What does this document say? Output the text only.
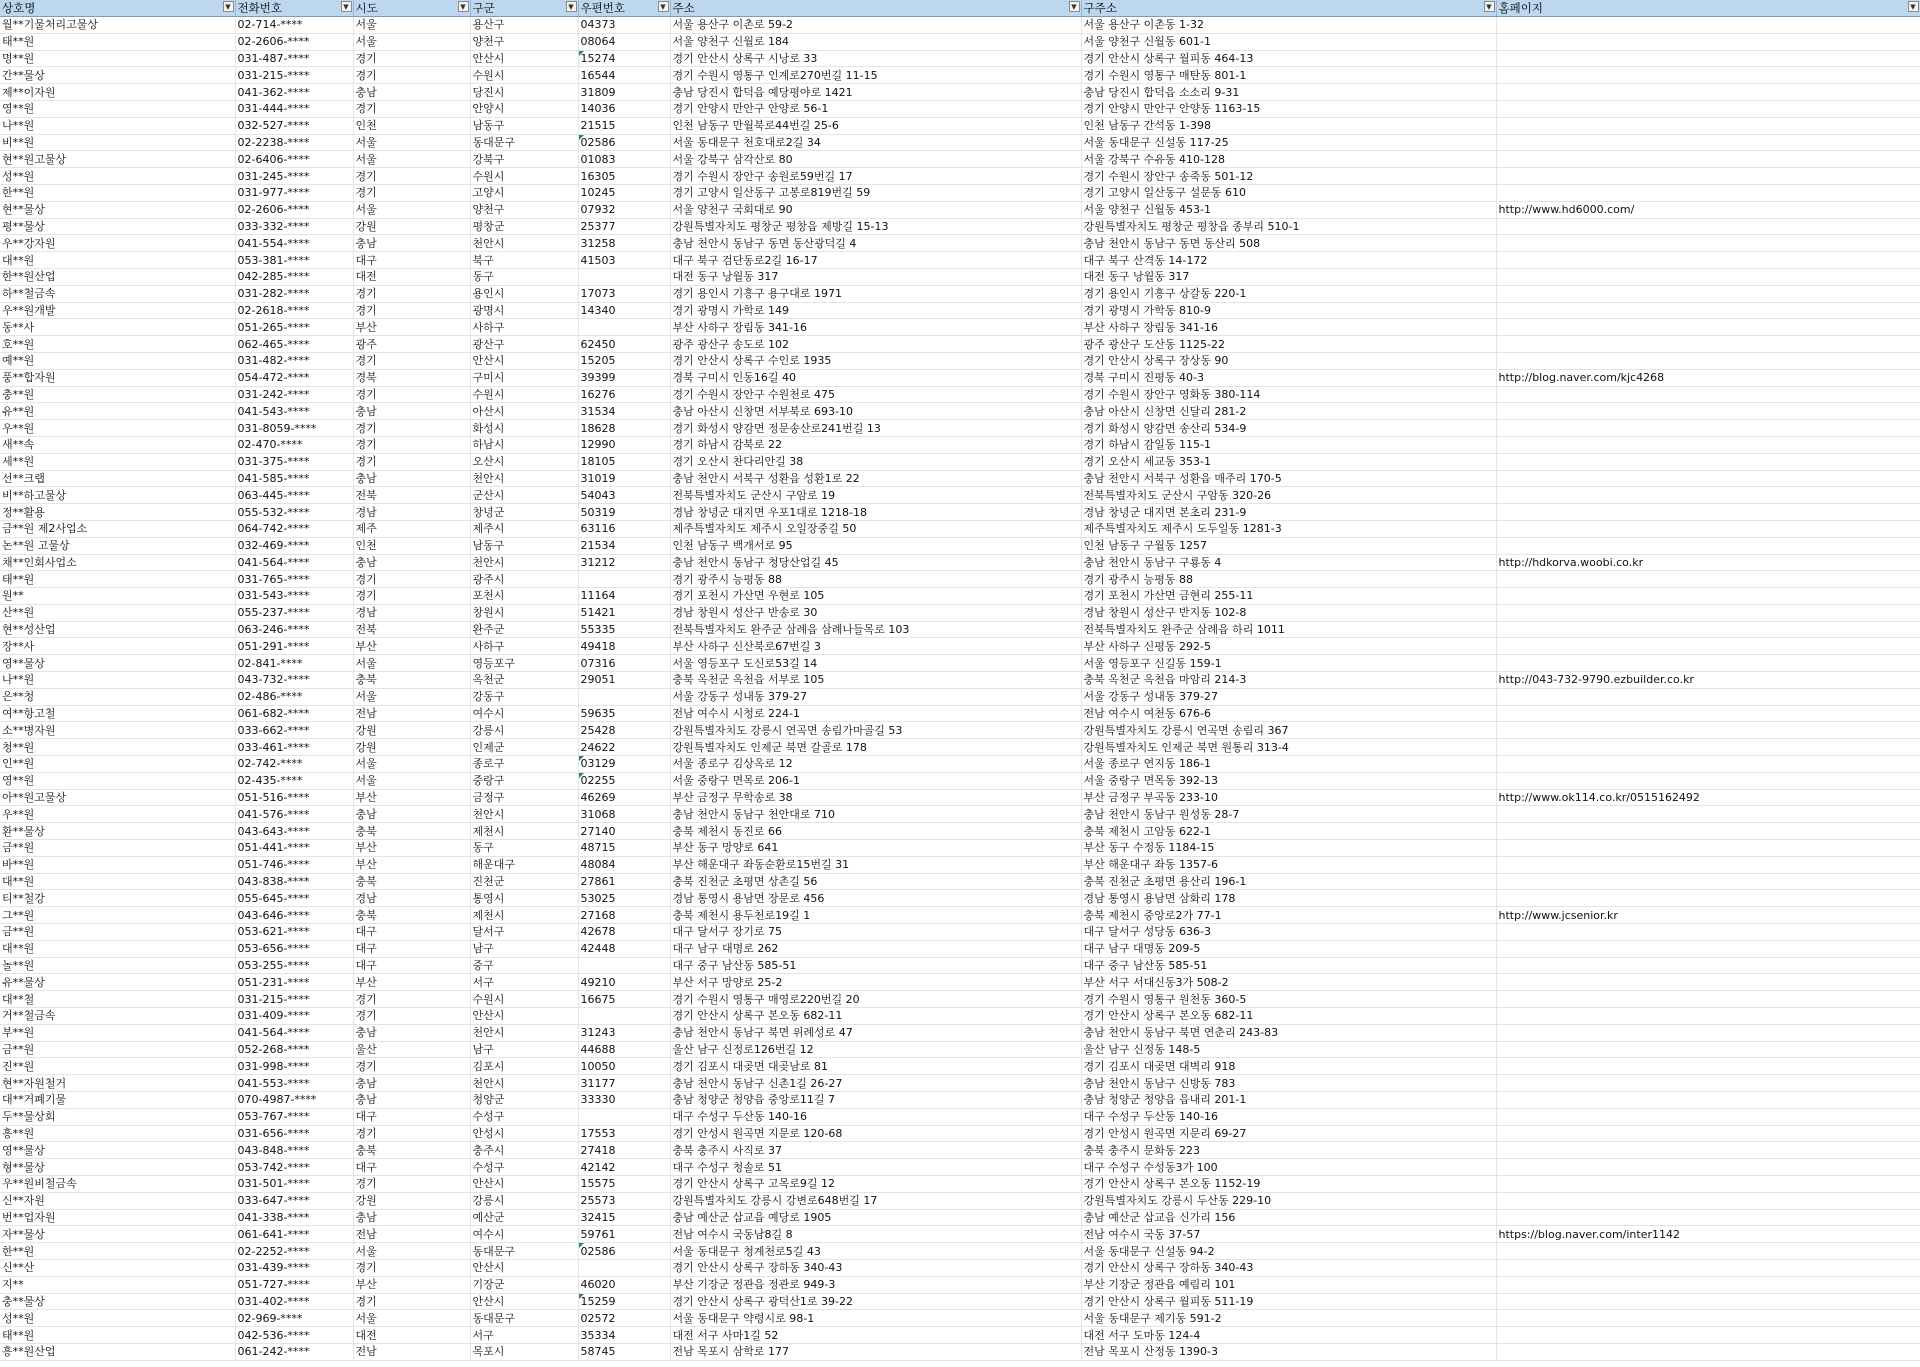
상호명 ▼	전화번호 ▼	시도 ▼	구군 ▼	우편번호 ▼	주소 ▼	구주소 ▼	홈페이지 ▼

월**기물처리고물상	02-714-****	서울	용산구	04373	서울 용산구 이촌로 59-2	서울 용산구 이촌동 1-32	
태**원	02-2606-****	서울	양천구	08064	서울 양천구 신월로 184	서울 양천구 신월동 601-1	
명**원	031-487-****	경기	안산시	15274	경기 안산시 상록구 시낭로 33	경기 안산시 상록구 월피동 464-13	
간**물상	031-215-****	경기	수원시	16544	경기 수원시 영통구 인계로270번길 11-15	경기 수원시 영통구 매탄동 801-1	
제**이자원	041-362-****	충남	당진시	31809	충남 당진시 합덕읍 예당평야로 1421	충남 당진시 합덕읍 소소리 9-31	
영**원	031-444-****	경기	안양시	14036	경기 안양시 만안구 안양로 56-1	경기 안양시 만안구 안양동 1163-15	
나**원	032-527-****	인천	남동구	21515	인천 남동구 만월북로44번길 25-6	인천 남동구 간석동 1-398	
비**원	02-2238-****	서울	동대문구	02586	서울 동대문구 천호대로2길 34	서울 동대문구 신설동 117-25	
현**원고물상	02-6406-****	서울	강북구	01083	서울 강북구 삼각산로 80	서울 강북구 수유동 410-128	
성**원	031-245-****	경기	수원시	16305	경기 수원시 장안구 송원로59번길 17	경기 수원시 장안구 송죽동 501-12	
한**원	031-977-****	경기	고양시	10245	경기 고양시 일산동구 고봉로819번길 59	경기 고양시 일산동구 설문동 610	
현**물상	02-2606-****	서울	양천구	07932	서울 양천구 국회대로 90	서울 양천구 신월동 453-1	http://www.hd6000.com/
평**물상	033-332-****	강원	평창군	25377	강원특별자치도 평창군 평창읍 제방길 15-13	강원특별자치도 평창군 평창읍 종부리 510-1	
우**강자원	041-554-****	충남	천안시	31258	충남 천안시 동남구 동면 동산광덕길 4	충남 천안시 동남구 동면 동산리 508	
대**원	053-381-****	대구	북구	41503	대구 북구 검단동로2길 16-17	대구 북구 산격동 14-172	
한**원산업	042-285-****	대전	동구		대전 동구 낭월동 317	대전 동구 낭월동 317	
하**철금속	031-282-****	경기	용인시	17073	경기 용인시 기흥구 용구대로 1971	경기 용인시 기흥구 상갈동 220-1	
우**원개발	02-2618-****	경기	광명시	14340	경기 광명시 가학로 149	경기 광명시 가학동 810-9	
동**사	051-265-****	부산	사하구		부산 사하구 장림동 341-16	부산 사하구 장림동 341-16	
호**원	062-465-****	광주	광산구	62450	광주 광산구 송도로 102	광주 광산구 도산동 1125-22	
예**원	031-482-****	경기	안산시	15205	경기 안산시 상록구 수인로 1935	경기 안산시 상록구 장상동 90	
풍**합자원	054-472-****	경북	구미시	39399	경북 구미시 인동16길 40	경북 구미시 진평동 40-3	http://blog.naver.com/kjc4268
충**원	031-242-****	경기	수원시	16276	경기 수원시 장안구 수원천로 475	경기 수원시 장안구 영화동 380-114	
유**원	041-543-****	충남	아산시	31534	충남 아산시 신창면 서부북로 693-10	충남 아산시 신창면 신달리 281-2	
우**원	031-8059-****	경기	화성시	18628	경기 화성시 양감면 정문송산로241번길 13	경기 화성시 양감면 송산리 534-9	
새**속	02-470-****	경기	하남시	12990	경기 하남시 감북로 22	경기 하남시 감일동 115-1	
세**원	031-375-****	경기	오산시	18105	경기 오산시 찬다리안길 38	경기 오산시 세교동 353-1	
선**크랩	041-585-****	충남	천안시	31019	충남 천안시 서북구 성환읍 성환1로 22	충남 천안시 서북구 성환읍 매주리 170-5	
비**하고물상	063-445-****	전북	군산시	54043	전북특별자치도 군산시 구암로 19	전북특별자치도 군산시 구암동 320-26	
정**활용	055-532-****	경남	창녕군	50319	경남 창녕군 대지면 우포1대로 1218-18	경남 창녕군 대지면 본초리 231-9	
금**원 제2사업소	064-742-****	제주	제주시	63116	제주특별자치도 제주시 오일장중길 50	제주특별자치도 제주시 도두일동 1281-3	
논**원 고물상	032-469-****	인천	남동구	21534	인천 남동구 백개서로 95	인천 남동구 구월동 1257	
채**인회사업소	041-564-****	충남	천안시	31212	충남 천안시 동남구 청당산업길 45	충남 천안시 동남구 구룡동 4	http://hdkorva.woobi.co.kr
태**원	031-765-****	경기	광주시		경기 광주시 능평동 88	경기 광주시 능평동 88	
원**	031-543-****	경기	포천시	11164	경기 포천시 가산면 우현로 105	경기 포천시 가산면 금현리 255-11	
산**원	055-237-****	경남	창원시	51421	경남 창원시 성산구 반송로 30	경남 창원시 성산구 반지동 102-8	
현**성산업	063-246-****	전북	완주군	55335	전북특별자치도 완주군 삼례읍 삼례나들목로 103	전북특별자치도 완주군 삼례읍 하리 1011	
장**사	051-291-****	부산	사하구	49418	부산 사하구 신산북로67번길 3	부산 사하구 신평동 292-5	
영**물상	02-841-****	서울	영등포구	07316	서울 영등포구 도신로53길 14	서울 영등포구 신길동 159-1	
나**원	043-732-****	충북	옥천군	29051	충북 옥천군 옥천읍 서부로 105	충북 옥천군 옥천읍 마암리 214-3	http://043-732-9790.ezbuilder.co.kr
은**청	02-486-****	서울	강동구		서울 강동구 성내동 379-27	서울 강동구 성내동 379-27	
여**항고철	061-682-****	전남	여수시	59635	전남 여수시 시청로 224-1	전남 여수시 여천동 676-6	
소**병자원	033-662-****	강원	강릉시	25428	강원특별자치도 강릉시 연곡면 송림가마골길 53	강원특별자치도 강릉시 연곡면 송림리 367	
청**원	033-461-****	강원	인제군	24622	강원특별자치도 인제군 북면 갈골로 178	강원특별자치도 인제군 북면 원통리 313-4	
인**원	02-742-****	서울	종로구	03129	서울 종로구 김상옥로 12	서울 종로구 연지동 186-1	
영**원	02-435-****	서울	중랑구	02255	서울 중랑구 면목로 206-1	서울 중랑구 면목동 392-13	
아**원고물상	051-516-****	부산	금정구	46269	부산 금정구 무학송로 38	부산 금정구 부곡동 233-10	http://www.ok114.co.kr/0515162492
우**원	041-576-****	충남	천안시	31068	충남 천안시 동남구 천안대로 710	충남 천안시 동남구 원성동 28-7	
환**물상	043-643-****	충북	제천시	27140	충북 제천시 동진로 66	충북 제천시 고암동 622-1	
금**원	051-441-****	부산	동구	48715	부산 동구 망양로 641	부산 동구 수정동 1184-15	
바**원	051-746-****	부산	해운대구	48084	부산 해운대구 좌동순환로15번길 31	부산 해운대구 좌동 1357-6	
대**원	043-838-****	충북	진천군	27861	충북 진천군 초평면 상촌길 56	충북 진천군 초평면 용산리 196-1	
티**철강	055-645-****	경남	통영시	53025	경남 통영시 용남면 장문로 456	경남 통영시 용남면 삼화리 178	
그**원	043-646-****	충북	제천시	27168	충북 제천시 용두천로19길 1	충북 제천시 중앙로2가 77-1	http://www.jcsenior.kr
금**원	053-621-****	대구	달서구	42678	대구 달서구 장기로 75	대구 달서구 성당동 636-3	
대**원	053-656-****	대구	남구	42448	대구 남구 대명로 262	대구 남구 대명동 209-5	
놀**원	053-255-****	대구	중구		대구 중구 남산동 585-51	대구 중구 남산동 585-51	
유**물상	051-231-****	부산	서구	49210	부산 서구 망양로 25-2	부산 서구 서대신동3가 508-2	
대**철	031-215-****	경기	수원시	16675	경기 수원시 영통구 매영로220번길 20	경기 수원시 영통구 원천동 360-5	
거**철금속	031-409-****	경기	안산시		경기 안산시 상록구 본오동 682-11	경기 안산시 상록구 본오동 682-11	
부**원	041-564-****	충남	천안시	31243	충남 천안시 동남구 북면 위례성로 47	충남 천안시 동남구 북면 연춘리 243-83	
금**원	052-268-****	울산	남구	44688	울산 남구 신정로126번길 12	울산 남구 신정동 148-5	
진**원	031-998-****	경기	김포시	10050	경기 김포시 대곶면 대곶남로 81	경기 김포시 대곶면 대벽리 918	
현**자원철거	041-553-****	충남	천안시	31177	충남 천안시 동남구 신촌1길 26-27	충남 천안시 동남구 신방동 783	
대**거폐기물	070-4987-****	충남	청양군	33330	충남 청양군 청양읍 중앙로11길 7	충남 청양군 청양읍 읍내리 201-1	
두**물상회	053-767-****	대구	수성구		대구 수성구 두산동 140-16	대구 수성구 두산동 140-16	
흥**원	031-656-****	경기	안성시	17553	경기 안성시 원곡면 지문로 120-68	경기 안성시 원곡면 지문리 69-27	
영**물상	043-848-****	충북	충주시	27418	충북 충주시 사직로 37	충북 충주시 문화동 223	
형**물상	053-742-****	대구	수성구	42142	대구 수성구 청솔로 51	대구 수성구 수성동3가 100	
우**원비철금속	031-501-****	경기	안산시	15575	경기 안산시 상록구 고목로9길 12	경기 안산시 상록구 본오동 1152-19	
신**자원	033-647-****	강원	강릉시	25573	강원특별자치도 강릉시 강변로648번길 17	강원특별자치도 강릉시 두산동 229-10	
번**업자원	041-338-****	충남	예산군	32415	충남 예산군 삽교읍 예당로 1905	충남 예산군 삽교읍 신가리 156	
자**물상	061-641-****	전남	여수시	59761	전남 여수시 국동남8길 8	전남 여수시 국동 37-57	https://blog.naver.com/inter1142
한**원	02-2252-****	서울	동대문구	02586	서울 동대문구 청계천로5길 43	서울 동대문구 신설동 94-2	
신**산	031-439-****	경기	안산시		경기 안산시 상록구 장하동 340-43	경기 안산시 상록구 장하동 340-43	
지**	051-727-****	부산	기장군	46020	부산 기장군 정관읍 정관로 949-3	부산 기장군 정관읍 예림리 101	
충**물상	031-402-****	경기	안산시	15259	경기 안산시 상록구 광덕산1로 39-22	경기 안산시 상록구 월피동 511-19	
성**원	02-969-****	서울	동대문구	02572	서울 동대문구 약령시로 98-1	서울 동대문구 제기동 591-2	
태**원	042-536-****	대전	서구	35334	대전 서구 사마1길 52	대전 서구 도마동 124-4	
흥**원산업	061-242-****	전남	목포시	58745	전남 목포시 삼학로 177	전남 목포시 산정동 1390-3	
